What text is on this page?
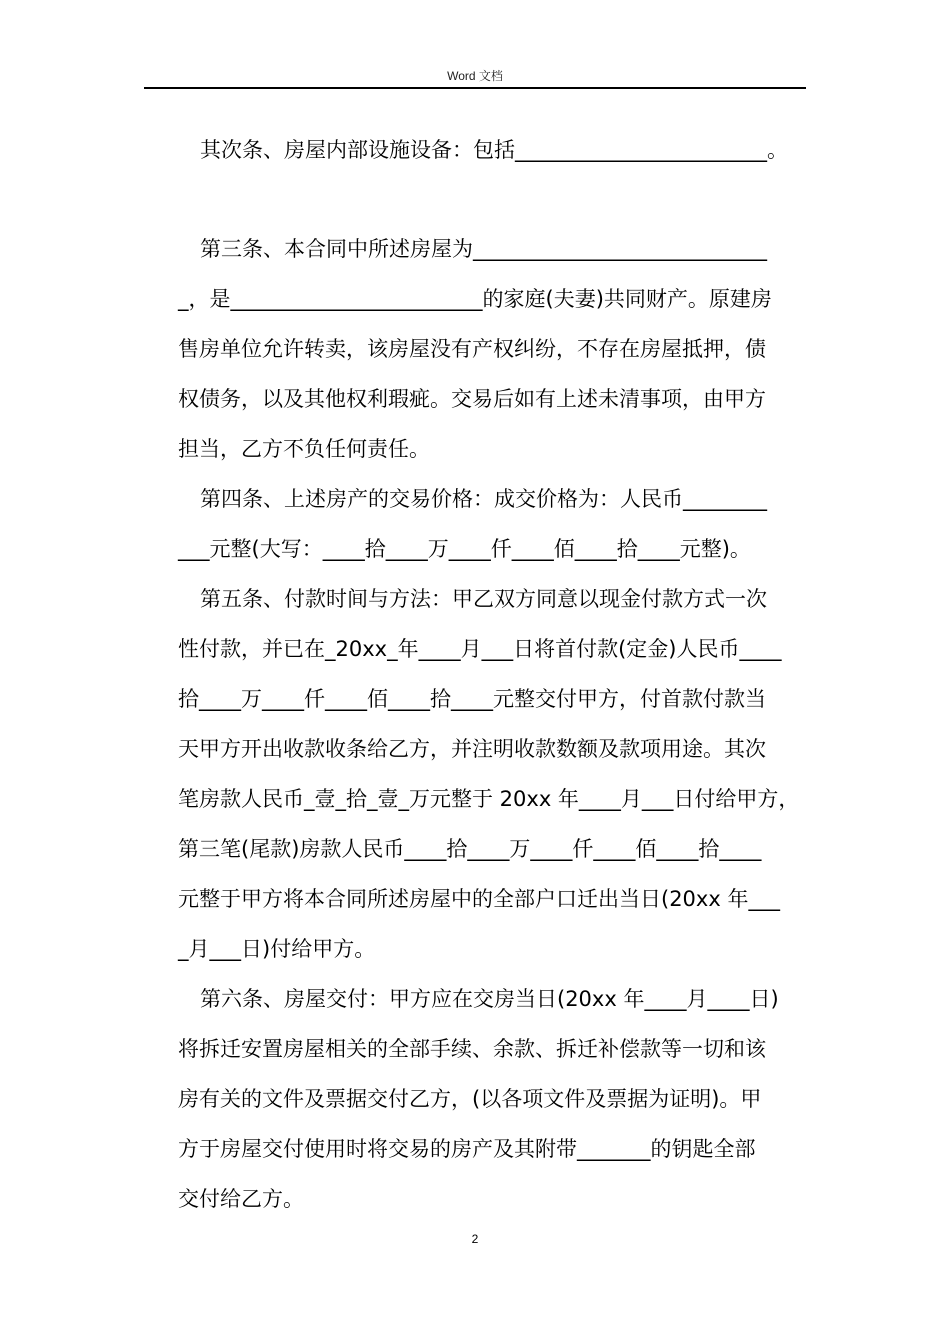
Word 文档
其次条、房屋内部设施设备：包括________________________。
第三条、本合同中所述房屋为____________________________
_，是________________________的家庭(夫妻)共同财产。原建房
售房单位允许转卖，该房屋没有产权纠纷，不存在房屋抵押，债
权债务，以及其他权利瑕疵。交易后如有上述未清事项，由甲方
担当，乙方不负任何责任。
第四条、上述房产的交易价格：成交价格为：人民币________
___元整(大写：____拾____万____仟____佰____拾____元整)。
第五条、付款时间与方法：甲乙双方同意以现金付款方式一次
性付款，并已在_20xx_年____月___日将首付款(定金)人民币____
拾____万____仟____佰____拾____元整交付甲方，付首款付款当
天甲方开出收款收条给乙方，并注明收款数额及款项用途。其次
笔房款人民币_壹_拾_壹_万元整于 20xx 年____月___日付给甲方，
第三笔(尾款)房款人民币____拾____万____仟____佰____拾____
元整于甲方将本合同所述房屋中的全部户口迁出当日(20xx 年___
_月___日)付给甲方。
第六条、房屋交付：甲方应在交房当日(20xx 年____月____日)
将拆迁安置房屋相关的全部手续、余款、拆迁补偿款等一切和该
房有关的文件及票据交付乙方，(以各项文件及票据为证明)。甲
方于房屋交付使用时将交易的房产及其附带_______的钥匙全部
交付给乙方。
2
